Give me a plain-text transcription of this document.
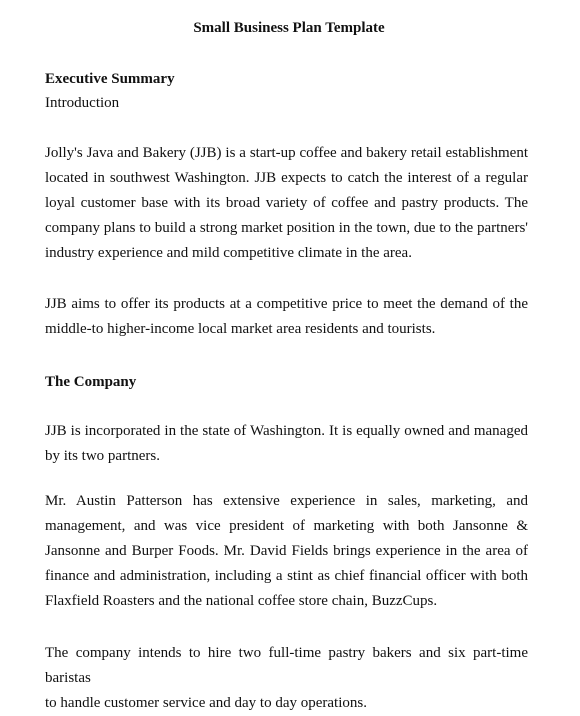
Small Business Plan Template
Executive Summary
Introduction

Jolly's Java and Bakery (JJB) is a start-up coffee and bakery retail establishment
located in southwest Washington. JJB expects to catch the interest of a regular
loyal customer base with its broad variety of coffee and pastry products. The
company plans to build a strong market position in the town, due to the partners'
industry experience and mild competitive climate in the area.

JJB aims to offer its products at a competitive price to meet the demand of the
middle-to higher-income local market area residents and tourists.

The Company

JJB is incorporated in the state of Washington. It is equally owned and managed
by its two partners.

Mr. Austin Patterson has extensive experience in sales, marketing, and
management, and was vice president of marketing with both Jansonne &
Jansonne and Burper Foods. Mr. David Fields brings experience in the area of
finance and administration, including a stint as chief financial officer with both
Flaxfield Roasters and the national coffee store chain, BuzzCups.

The company intends to hire two full-time pastry bakers and six part-time baristas
to handle customer service and day to day operations.
